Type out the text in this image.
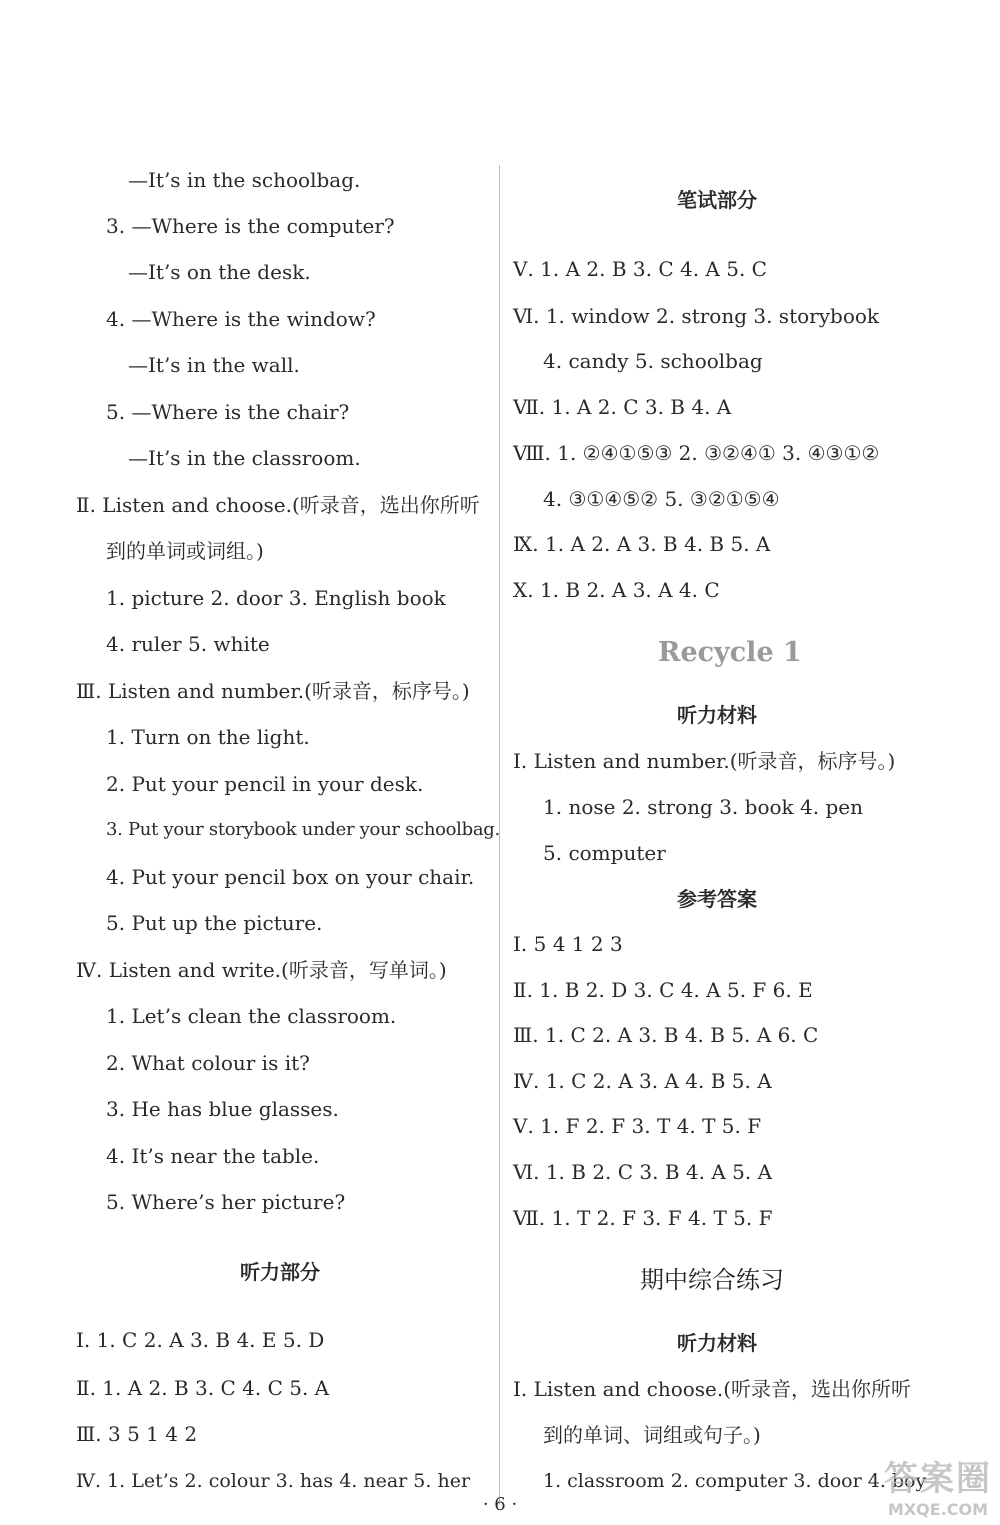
—It’s in the schoolbag.
3. —Where is the computer?
—It’s on the desk.
4. —Where is the window?
—It’s in the wall.
5. —Where is the chair?
—It’s in the classroom.
Ⅱ. Listen and choose.(听录音，选出你所听
到的单词或词组。)
1. picture 2. door 3. English book
4. ruler 5. white
Ⅲ. Listen and number.(听录音，标序号。)
1. Turn on the light.
2. Put your pencil in your desk.
3. Put your storybook under your schoolbag.
4. Put your pencil box on your chair.
5. Put up the picture.
Ⅳ. Listen and write.(听录音，写单词。)
1. Let’s clean the classroom.
2. What colour is it?
3. He has blue glasses.
4. It’s near the table.
5. Where’s her picture?
听力部分
Ⅰ. 1. C 2. A 3. B 4. E 5. D
Ⅱ. 1. A 2. B 3. C 4. C 5. A
Ⅲ. 3 5 1 4 2
Ⅳ. 1. Let’s 2. colour 3. has 4. near 5. her
笔试部分
Ⅴ. 1. A 2. B 3. C 4. A 5. C
Ⅵ. 1. window 2. strong 3. storybook
4. candy 5. schoolbag
Ⅶ. 1. A 2. C 3. B 4. A
Ⅷ. 1. ②④①⑤③ 2. ③②④① 3. ④③①②
4. ③①④⑤② 5. ③②①⑤④
Ⅸ. 1. A 2. A 3. B 4. B 5. A
Ⅹ. 1. B 2. A 3. A 4. C
Recycle 1
听力材料
Ⅰ. Listen and number.(听录音，标序号。)
1. nose 2. strong 3. book 4. pen
5. computer
参考答案
Ⅰ. 5 4 1 2 3
Ⅱ. 1. B 2. D 3. C 4. A 5. F 6. E
Ⅲ. 1. C 2. A 3. B 4. B 5. A 6. C
Ⅳ. 1. C 2. A 3. A 4. B 5. A
Ⅴ. 1. F 2. F 3. T 4. T 5. F
Ⅵ. 1. B 2. C 3. B 4. A 5. A
Ⅶ. 1. T 2. F 3. F 4. T 5. F
期中综合练习
听力材料
Ⅰ. Listen and choose.(听录音，选出你所听
到的单词、词组或句子。)
1. classroom 2. computer 3. door 4. boy
· 6 ·
答案圈
MXQE.COM
